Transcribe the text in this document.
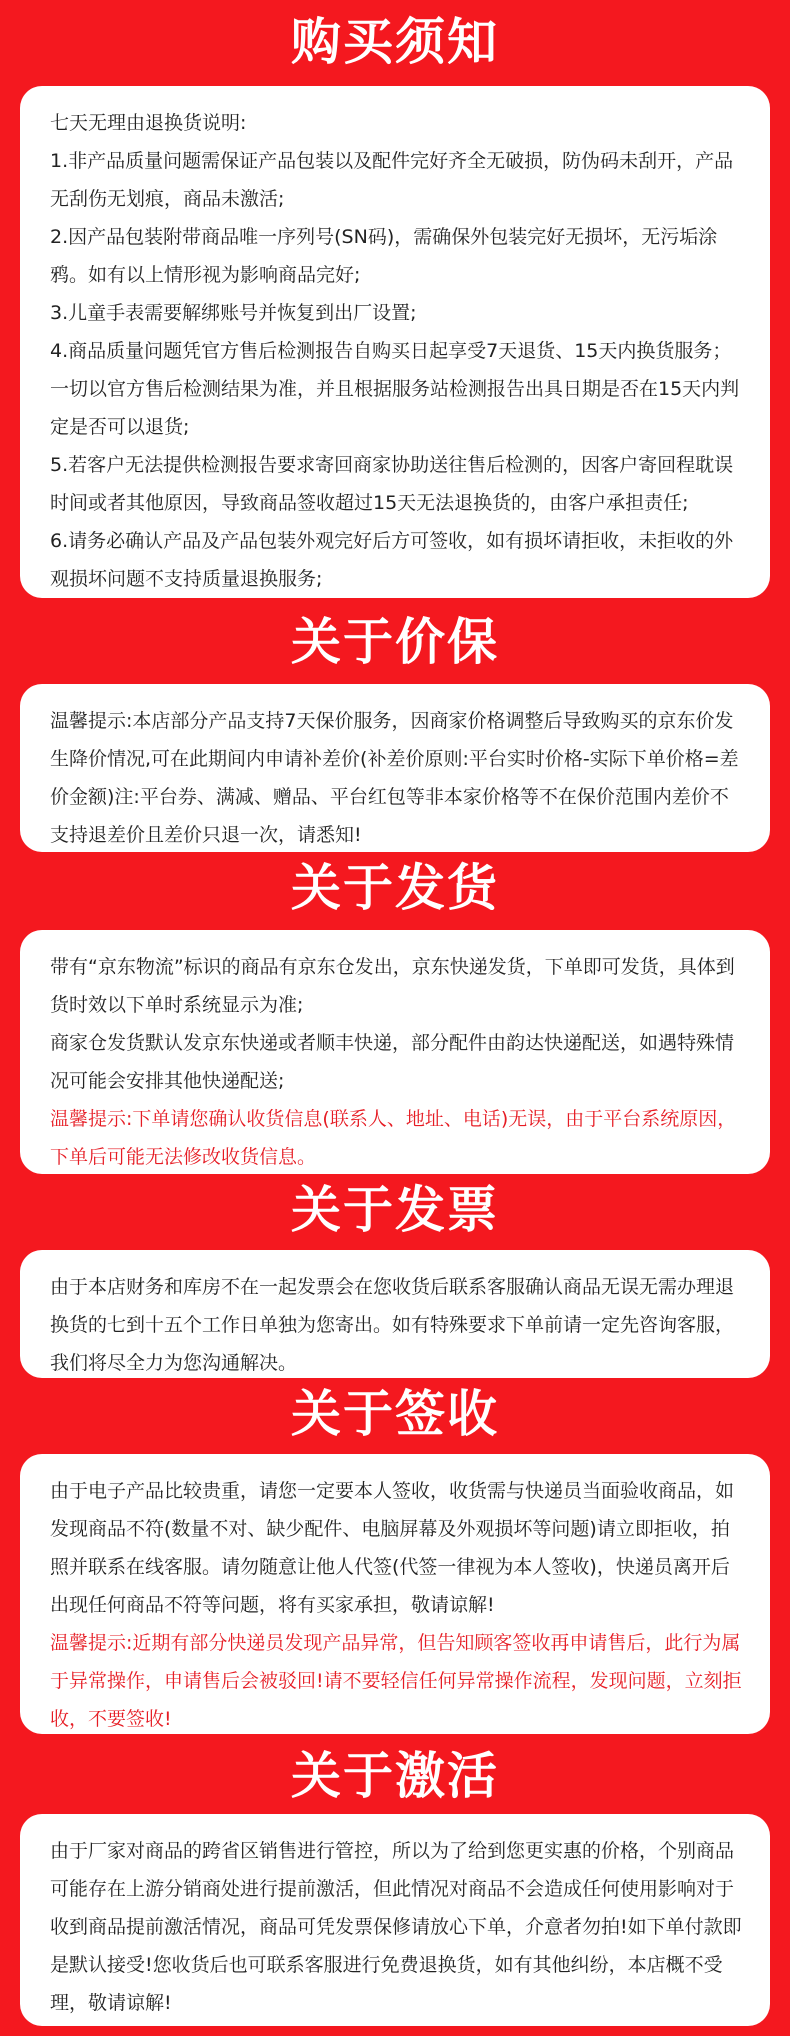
购买须知

七天无理由退换货说明:

1.非产品质量问题需保证产品包装以及配件完好齐全无破损，防伪码未刮开，产品无刮伤无划痕，商品未激活;

2.因产品包装附带商品唯一序列号(SN码)，需确保外包装完好无损坏，无污垢涂鸦。如有以上情形视为影响商品完好;

3.儿童手表需要解绑账号并恢复到出厂设置;

4.商品质量问题凭官方售后检测报告自购买日起享受7天退货、15天内换货服务；一切以官方售后检测结果为准，并且根据服务站检测报告出具日期是否在15天内判定是否可以退货;

5.若客户无法提供检测报告要求寄回商家协助送往售后检测的，因客户寄回程耽误时间或者其他原因，导致商品签收超过15天无法退换货的，由客户承担责任;

6.请务必确认产品及产品包装外观完好后方可签收，如有损坏请拒收，未拒收的外观损坏问题不支持质量退换服务;

关于价保

温馨提示:本店部分产品支持7天保价服务，因商家价格调整后导致购买的京东价发生降价情况,可在此期间内申请补差价(补差价原则:平台实时价格-实际下单价格=差价金额)注:平台券、满减、赠品、平台红包等非本家价格等不在保价范围内差价不支持退差价且差价只退一次，请悉知!

关于发货

带有“京东物流”标识的商品有京东仓发出，京东快递发货，下单即可发货，具体到货时效以下单时系统显示为准;

商家仓发货默认发京东快递或者顺丰快递，部分配件由韵达快递配送，如遇特殊情况可能会安排其他快递配送;

温馨提示:下单请您确认收货信息(联系人、地址、电话)无误，由于平台系统原因，下单后可能无法修改收货信息。

关于发票

由于本店财务和库房不在一起发票会在您收货后联系客服确认商品无误无需办理退换货的七到十五个工作日单独为您寄出。如有特殊要求下单前请一定先咨询客服，我们将尽全力为您沟通解决。

关于签收

由于电子产品比较贵重，请您一定要本人签收，收货需与快递员当面验收商品，如发现商品不符(数量不对、缺少配件、电脑屏幕及外观损坏等问题)请立即拒收，拍照并联系在线客服。请勿随意让他人代签(代签一律视为本人签收)，快递员离开后出现任何商品不符等问题，将有买家承担，敬请谅解!

温馨提示:近期有部分快递员发现产品异常，但告知顾客签收再申请售后，此行为属于异常操作，申请售后会被驳回!请不要轻信任何异常操作流程，发现问题，立刻拒收，不要签收!

关于激活

由于厂家对商品的跨省区销售进行管控，所以为了给到您更实惠的价格，个别商品可能存在上游分销商处进行提前激活，但此情况对商品不会造成任何使用影响对于收到商品提前激活情况，商品可凭发票保修请放心下单，介意者勿拍!如下单付款即是默认接受!您收货后也可联系客服进行免费退换货，如有其他纠纷，本店概不受理，敬请谅解!
